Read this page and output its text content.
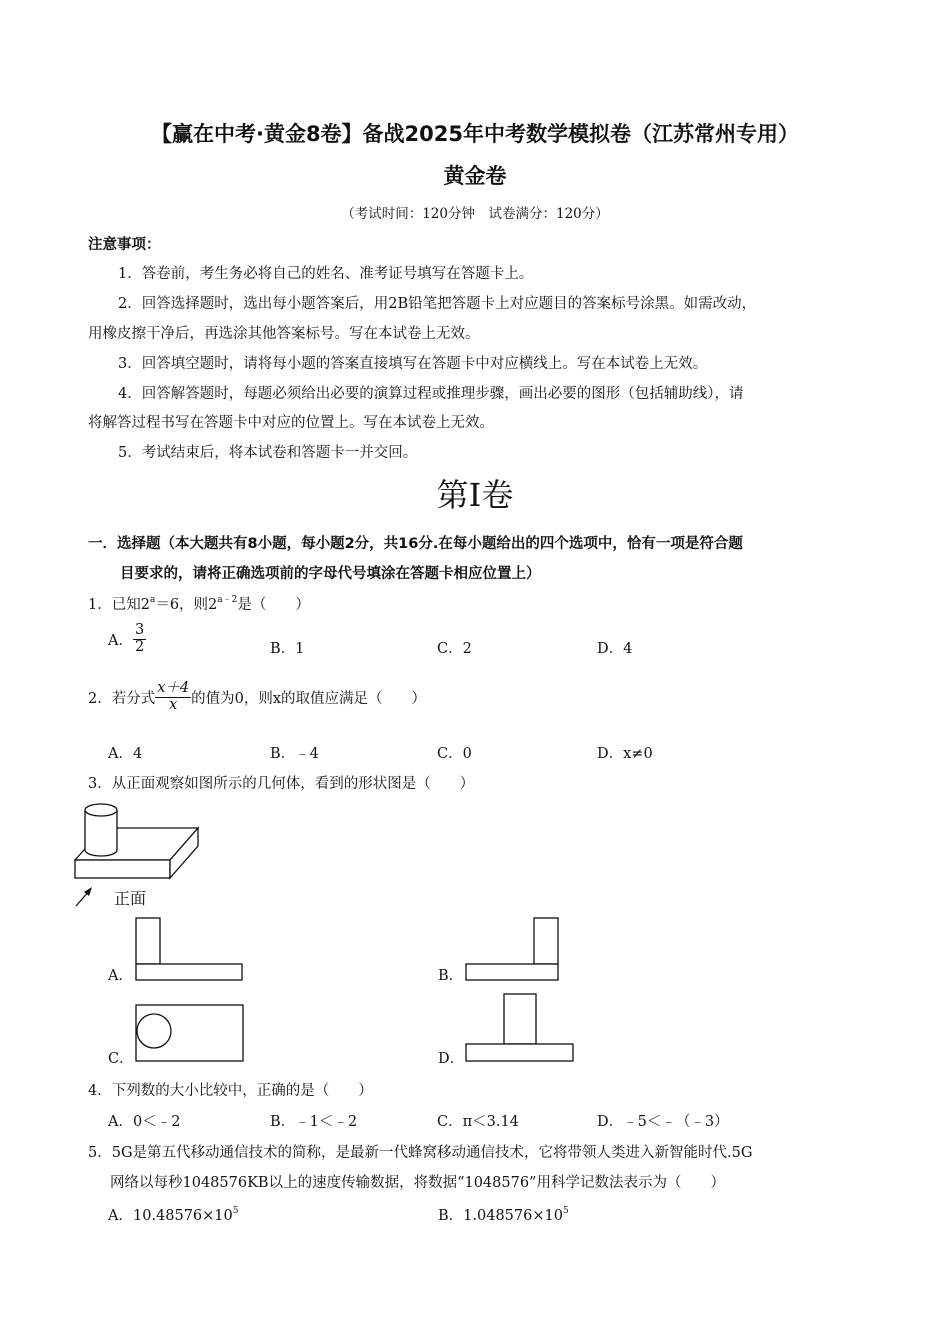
【赢在中考·黄金8卷】备战2025年中考数学模拟卷（江苏常州专用）
黄金卷
（考试时间：120分钟　试卷满分：120分）
注意事项：
1．答卷前，考生务必将自己的姓名、准考证号填写在答题卡上。
2．回答选择题时，选出每小题答案后，用2B铅笔把答题卡上对应题目的答案标号涂黑。如需改动，
用橡皮擦干净后，再选涂其他答案标号。写在本试卷上无效。
3．回答填空题时，请将每小题的答案直接填写在答题卡中对应横线上。写在本试卷上无效。
4．回答解答题时，每题必须给出必要的演算过程或推理步骤，画出必要的图形（包括辅助线），请
将解答过程书写在答题卡中对应的位置上。写在本试卷上无效。
5．考试结束后，将本试卷和答题卡一并交回。
第Ⅰ卷
一．选择题（本大题共有8小题，每小题2分，共16分.在每小题给出的四个选项中，恰有一项是符合题
目要求的，请将正确选项前的字母代号填涂在答题卡相应位置上）
1．已知$2^a=6$，则$2^{a﹣2}$是（　　）
A． $\frac{3}{2}$	B．1	C．2	D．4
2．若分式 $\frac{x+4}{x}$ 的值为0，则x的取值应满足（　　）
A．4	B．﹣4	C．0	D．x≠0
3．从正面观察如图所示的几何体，看到的形状图是（　　）
正面
A．	B．
C．	D．
4．下列数的大小比较中，正确的是（　　）
A．0＜﹣2	B．﹣1＜﹣2	C．π＜3.14	D．﹣5＜﹣（﹣3）
5．5G是第五代移动通信技术的简称，是最新一代蜂窝移动通信技术，它将带领人类进入新智能时代.5G
网络以每秒1048576KB以上的速度传输数据，将数据“1048576”用科学记数法表示为（　　）
A．$10.48576\times 10^5$	B．$1.048576\times 10^5$
